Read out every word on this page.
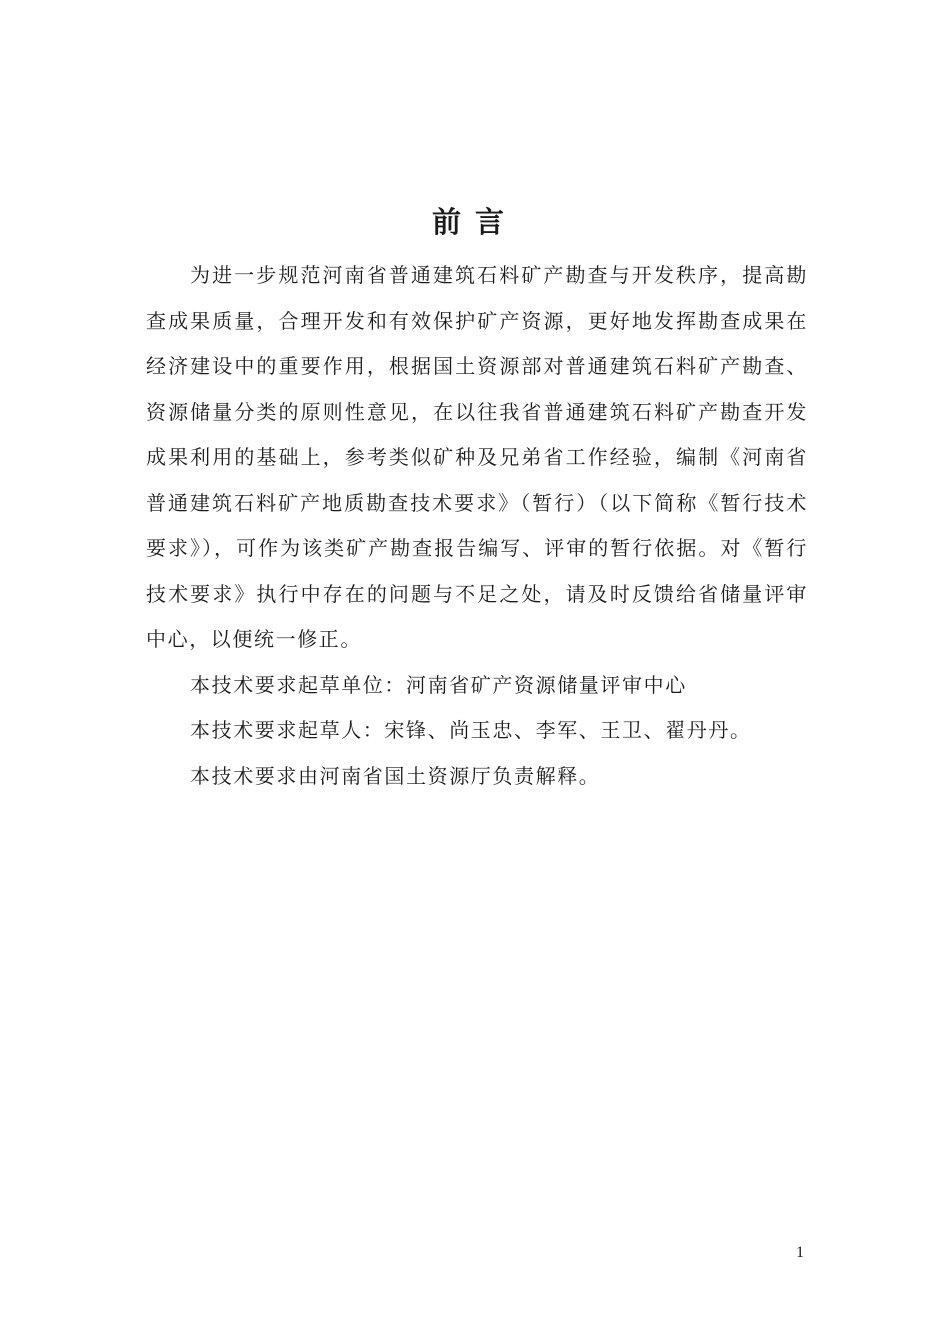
前言

为进一步规范河南省普通建筑石料矿产勘查与开发秩序，提高勘查成果质量，合理开发和有效保护矿产资源，更好地发挥勘查成果在经济建设中的重要作用，根据国土资源部对普通建筑石料矿产勘查、资源储量分类的原则性意见，在以往我省普通建筑石料矿产勘查开发成果利用的基础上，参考类似矿种及兄弟省工作经验，编制《河南省普通建筑石料矿产地质勘查技术要求》（暂行）（以下简称《暂行技术要求》），可作为该类矿产勘查报告编写、评审的暂行依据。对《暂行技术要求》执行中存在的问题与不足之处，请及时反馈给省储量评审中心，以便统一修正。

本技术要求起草单位：河南省矿产资源储量评审中心

本技术要求起草人：宋锋、尚玉忠、李军、王卫、翟丹丹。

本技术要求由河南省国土资源厅负责解释。

1
